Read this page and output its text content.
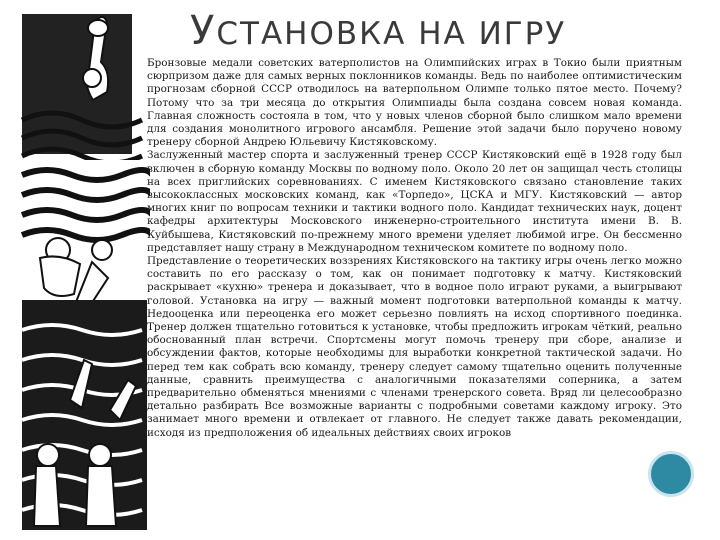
УСТАНОВКА НА ИГРУ

Бронзовые медали советских ватерполистов на Олимпийских играх в Токио были приятным сюрпризом даже для самых верных поклонников команды. Ведь по наиболее оптимистическим прогнозам сборной СССР отводилось на ватерпольном Олимпе только пятое место. Почему? Потому что за три месяца до открытия Олимпиады была создана совсем новая команда. Главная сложность состояла в том, что у новых членов сборной было слишком мало времени для создания монолитного игрового ансамбля. Решение этой задачи было поручено новому тренеру сборной Андрею Юльевичу Кистяковскому.

Заслуженный мастер спорта и заслуженный тренер СССР Кистяковский ещё в 1928 году был включен в сборную команду Москвы по водному поло. Около 20 лет он защищал честь столицы на всех приглийских соревнованиях. С именем Кистяковского связано становление таких высококлассных московских команд, как «Торпедо», ЦСКА и МГУ. Кистяковский — автор многих книг по вопросам техники и тактики водного поло. Кандидат технических наук, доцент кафедры архитектуры Московского инженерно-строительного института имени В. В. Куйбышева, Кистяковский по-прежнему много времени уделяет любимой игре. Он бессменно представляет нашу страну в Международном техническом комитете по водному поло.

Представление о теоретических воззрениях Кистяковского на тактику игры очень легко можно составить по его рассказу о том, как он понимает подготовку к матчу. Кистяковский раскрывает «кухню» тренера и доказывает, что в водное поло играют руками, а выигрывают головой. Установка на игру — важный момент подготовки ватерпольной команды к матчу. Недооценка или переоценка его может серьезно повлиять на исход спортивного поединка. Тренер должен тщательно готовиться к установке, чтобы предложить игрокам чёткий, реально обоснованный план встречи. Спортсмены могут помочь тренеру при сборе, анализе и обсуждении фактов, которые необходимы для выработки конкретной тактической задачи. Но перед тем как собрать всю команду, тренеру следует самому тщательно оценить полученные данные, сравнить преимущества с аналогичными показателями соперника, а затем предварительно обменяться мнениями с членами тренерского совета. Вряд ли целесообразно детально разбирать Все возможные варианты с подробными советами каждому игроку. Это занимает много времени и отвлекает от главного. Не следует также давать рекомендации, исходя из предположения об идеальных действиях своих игроков
